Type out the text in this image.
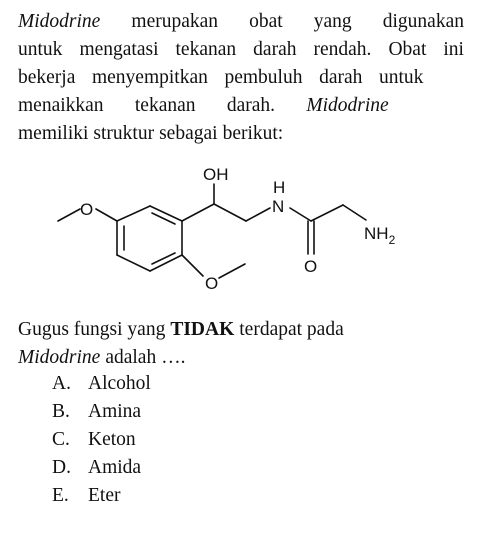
Midodrine merupakan obat yang digunakan
untuk mengatasi tekanan darah rendah. Obat ini
bekerja menyempitkan pembuluh darah untuk
menaikkan tekanan darah. Midodrine
memiliki struktur sebagai berikut:
O
OH
H
N
O
$NH_2$
O
Gugus fungsi yang TIDAK terdapat pada
Midodrine adalah ….
A. Alcohol
B. Amina
C. Keton
D. Amida
E. Eter
